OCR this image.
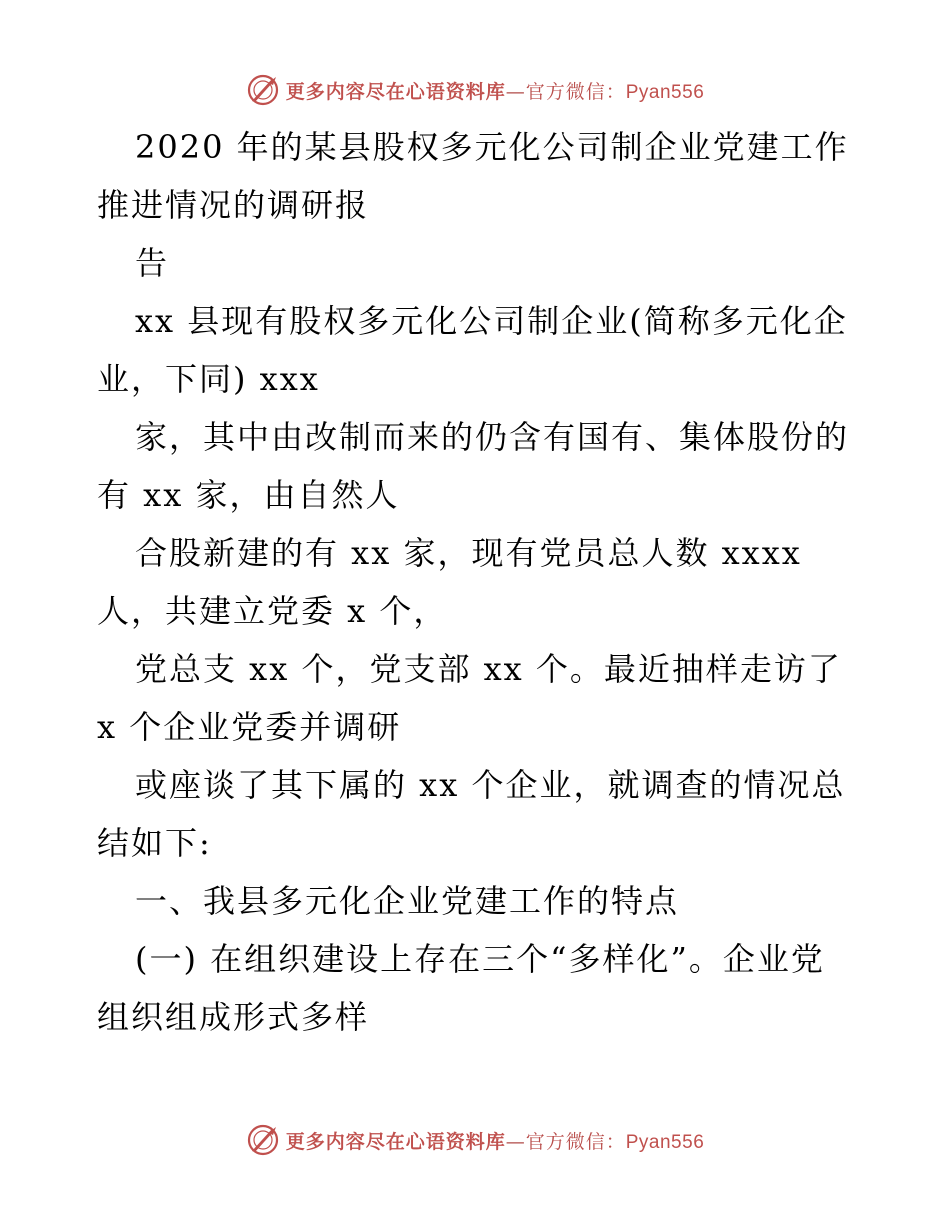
更多内容尽在心语资料库—官方微信：Pyan556
2020 年的某县股权多元化公司制企业党建工作
推进情况的调研报
告
xx 县现有股权多元化公司制企业(简称多元化企
业，下同) xxx
家，其中由改制而来的仍含有国有、集体股份的
有 xx 家，由自然人
合股新建的有 xx 家，现有党员总人数 xxxx
人，共建立党委 x 个，
党总支 xx 个，党支部 xx 个。最近抽样走访了
x 个企业党委并调研
或座谈了其下属的 xx 个企业，就调查的情况总
结如下:
一、我县多元化企业党建工作的特点
(一) 在组织建设上存在三个“多样化”。企业党
组织组成形式多样
更多内容尽在心语资料库—官方微信：Pyan556
